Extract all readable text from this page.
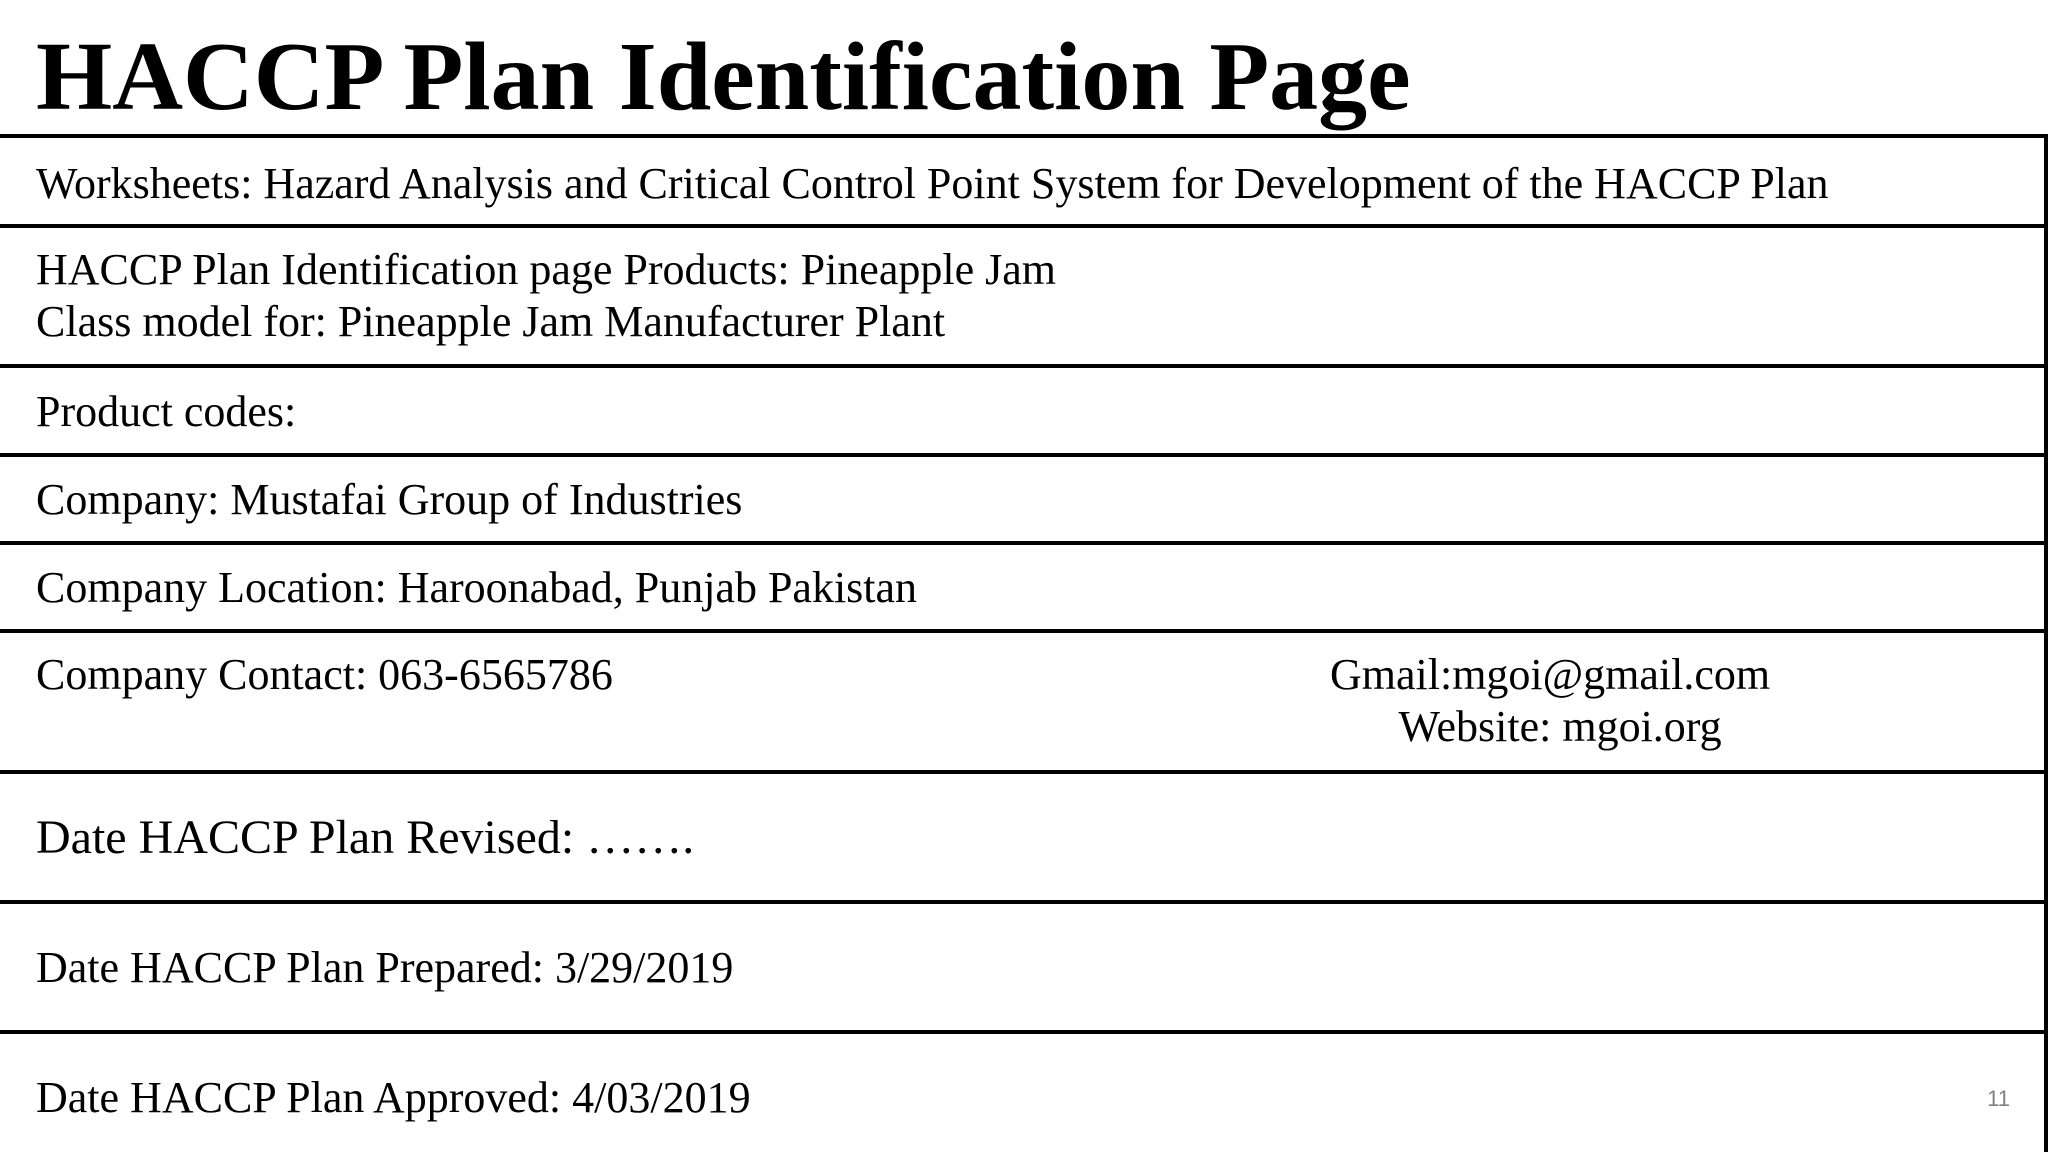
HACCP Plan Identification Page
Worksheets: Hazard Analysis and Critical Control Point System for Development of the HACCP Plan
HACCP Plan Identification page Products: Pineapple Jam
Class model for: Pineapple Jam Manufacturer Plant
Product codes:
Company: Mustafai Group of Industries
Company Location: Haroonabad, Punjab Pakistan
Company Contact: 063-6565786	Gmail:mgoi@gmail.com
Website: mgoi.org
Date HACCP Plan Revised: …….
Date HACCP Plan Prepared: 3/29/2019
Date HACCP Plan Approved: 4/03/2019	11
